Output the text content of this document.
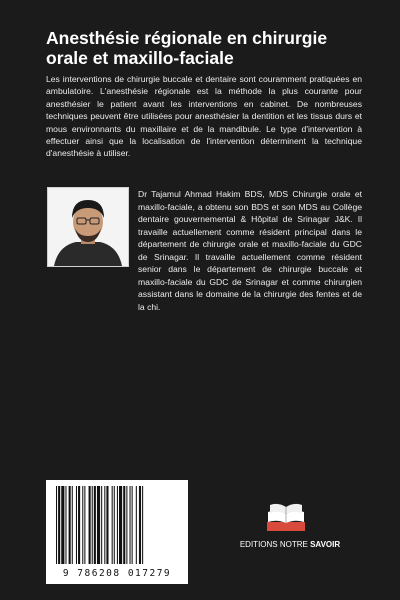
Anesthésie régionale en chirurgie orale et maxillo-faciale

Les interventions de chirurgie buccale et dentaire sont couramment pratiquées en ambulatoire. L'anesthésie régionale est la méthode la plus courante pour anesthésier le patient avant les interventions en cabinet. De nombreuses techniques peuvent être utilisées pour anesthésier la dentition et les tissus durs et mous environnants du maxillaire et de la mandibule. Le type d'intervention à effectuer ainsi que la localisation de l'intervention déterminent la technique d'anesthésie à utiliser.

Dr Tajamul Ahmad Hakim BDS, MDS Chirurgie orale et maxillo-faciale, a obtenu son BDS et son MDS au Collège dentaire gouvernemental & Hôpital de Srinagar J&K. Il travaille actuellement comme résident principal dans le département de chirurgie orale et maxillo-faciale du GDC de Srinagar. Il travaille actuellement comme résident senior dans le département de chirurgie buccale et maxillo-faciale du GDC de Srinagar et comme chirurgien assistant dans le domaine de la chirurgie des fentes et de la chi.

9 786208 017279
EDITIONS NOTRE SAVOIR
